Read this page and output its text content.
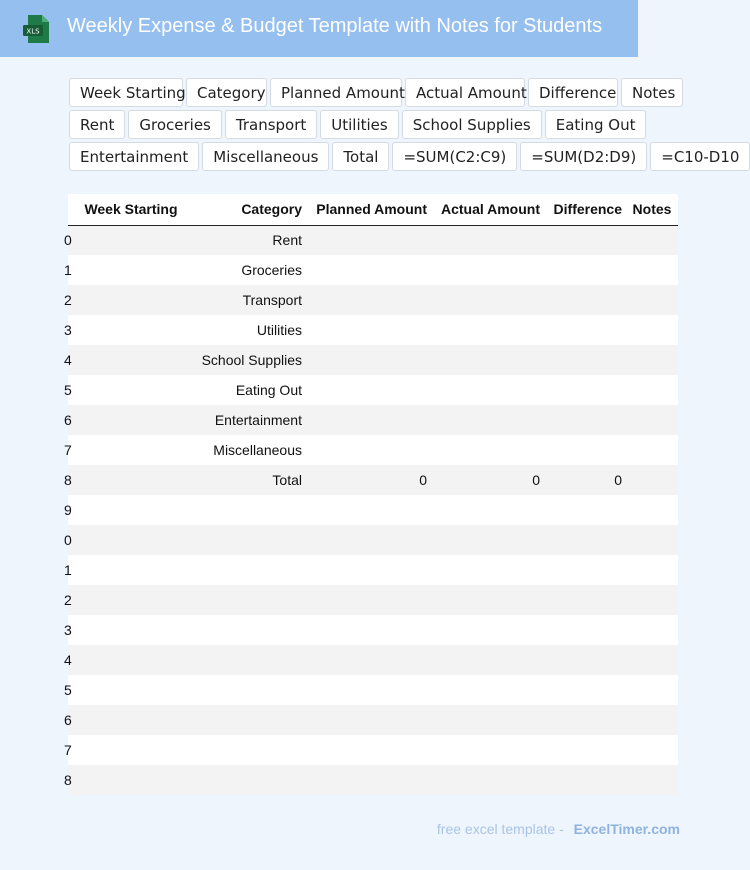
XLS Weekly Expense & Budget Template with Notes for Students
Week Starting Category	Planned Amount Actual Amount Difference	Notes
Rent	Groceries	Transport	Utilities	School Supplies	Eating Out
Entertainment	Miscellaneous	Total	=SUM(C2:C9)	=SUM(D2:D9)	=C10-D10
	Week Starting	Category	Planned Amount	Actual Amount	Difference	Notes
0		Rent				
1		Groceries				
2		Transport				
3		Utilities				
4		School Supplies				
5		Eating Out				
6		Entertainment				
7		Miscellaneous				
8		Total	0	0	0	
9						
0						
1						
2						
3						
4						
5						
6						
7						
8						
free excel template - ExcelTimer.com
